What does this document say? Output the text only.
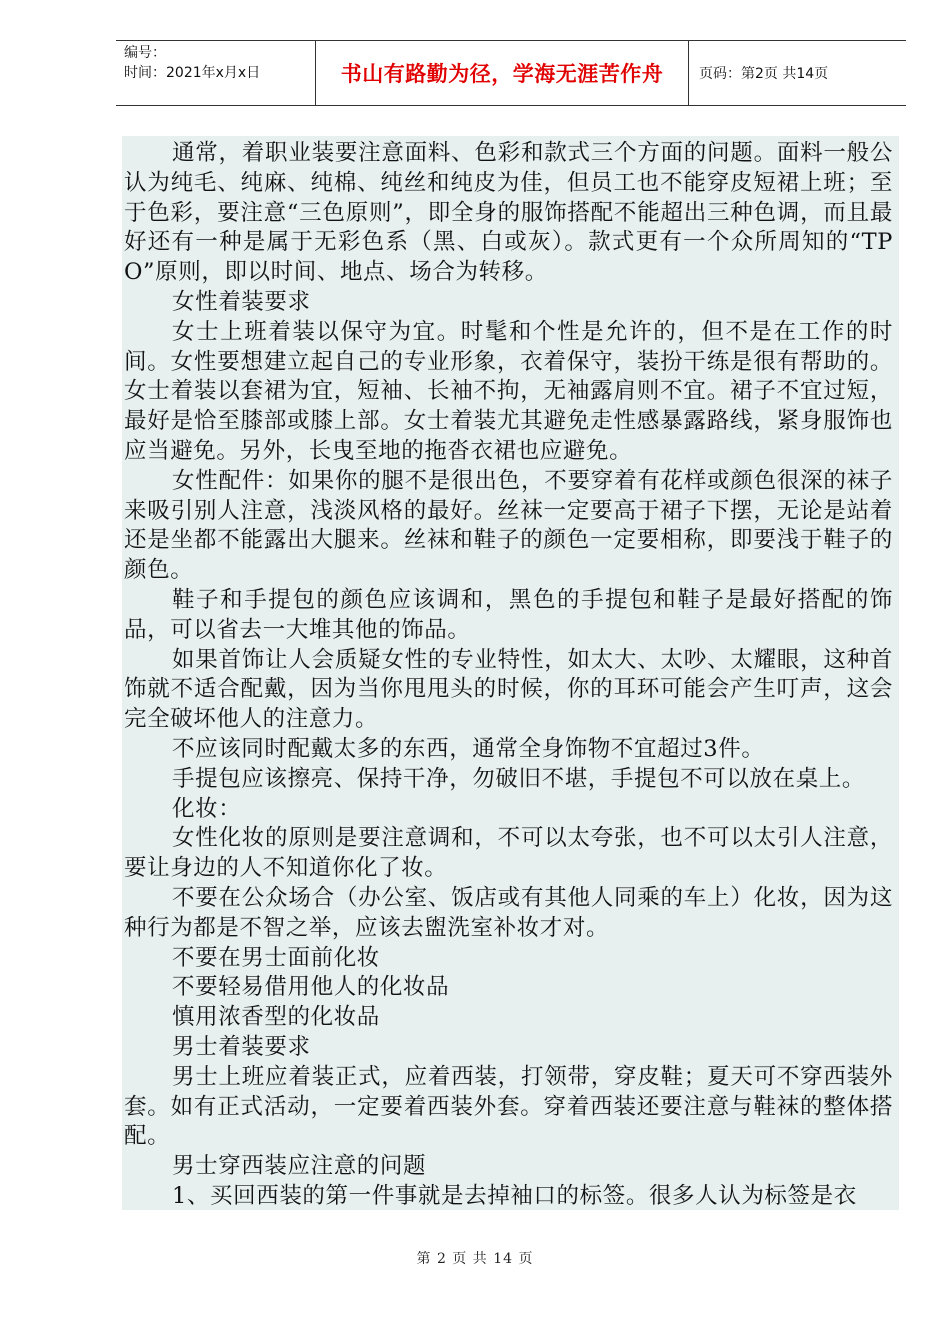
编号：
时间：2021年x月x日	书山有路勤为径，学海无涯苦作舟	页码：第2页 共14页

通常，着职业装要注意面料、色彩和款式三个方面的问题。面料一般公认为纯毛、纯麻、纯棉、纯丝和纯皮为佳，但员工也不能穿皮短裙上班；至于色彩，要注意“三色原则”，即全身的服饰搭配不能超出三种色调，而且最好还有一种是属于无彩色系（黑、白或灰）。款式更有一个众所周知的“TPO”原则，即以时间、地点、场合为转移。

女性着装要求

女士上班着装以保守为宜。时髦和个性是允许的，但不是在工作的时间。女性要想建立起自己的专业形象，衣着保守，装扮干练是很有帮助的。女士着装以套裙为宜，短袖、长袖不拘，无袖露肩则不宜。裙子不宜过短，最好是恰至膝部或膝上部。女士着装尤其避免走性感暴露路线，紧身服饰也应当避免。另外，长曳至地的拖沓衣裙也应避免。

女性配件：如果你的腿不是很出色，不要穿着有花样或颜色很深的袜子来吸引别人注意，浅淡风格的最好。丝袜一定要高于裙子下摆，无论是站着还是坐都不能露出大腿来。丝袜和鞋子的颜色一定要相称，即要浅于鞋子的颜色。

鞋子和手提包的颜色应该调和，黑色的手提包和鞋子是最好搭配的饰品，可以省去一大堆其他的饰品。

如果首饰让人会质疑女性的专业特性，如太大、太吵、太耀眼，这种首饰就不适合配戴，因为当你甩甩头的时候，你的耳环可能会产生叮声，这会完全破坏他人的注意力。

不应该同时配戴太多的东西，通常全身饰物不宜超过3件。

手提包应该擦亮、保持干净，勿破旧不堪，手提包不可以放在桌上。

化妆：

女性化妆的原则是要注意调和，不可以太夸张，也不可以太引人注意，要让身边的人不知道你化了妆。

不要在公众场合（办公室、饭店或有其他人同乘的车上）化妆，因为这种行为都是不智之举，应该去盥洗室补妆才对。

不要在男士面前化妆

不要轻易借用他人的化妆品

慎用浓香型的化妆品

男士着装要求

男士上班应着装正式，应着西装，打领带，穿皮鞋；夏天可不穿西装外套。如有正式活动，一定要着西装外套。穿着西装还要注意与鞋袜的整体搭配。

男士穿西装应注意的问题

1、买回西装的第一件事就是去掉袖口的标签。很多人认为标签是衣

第 2 页 共 14 页
